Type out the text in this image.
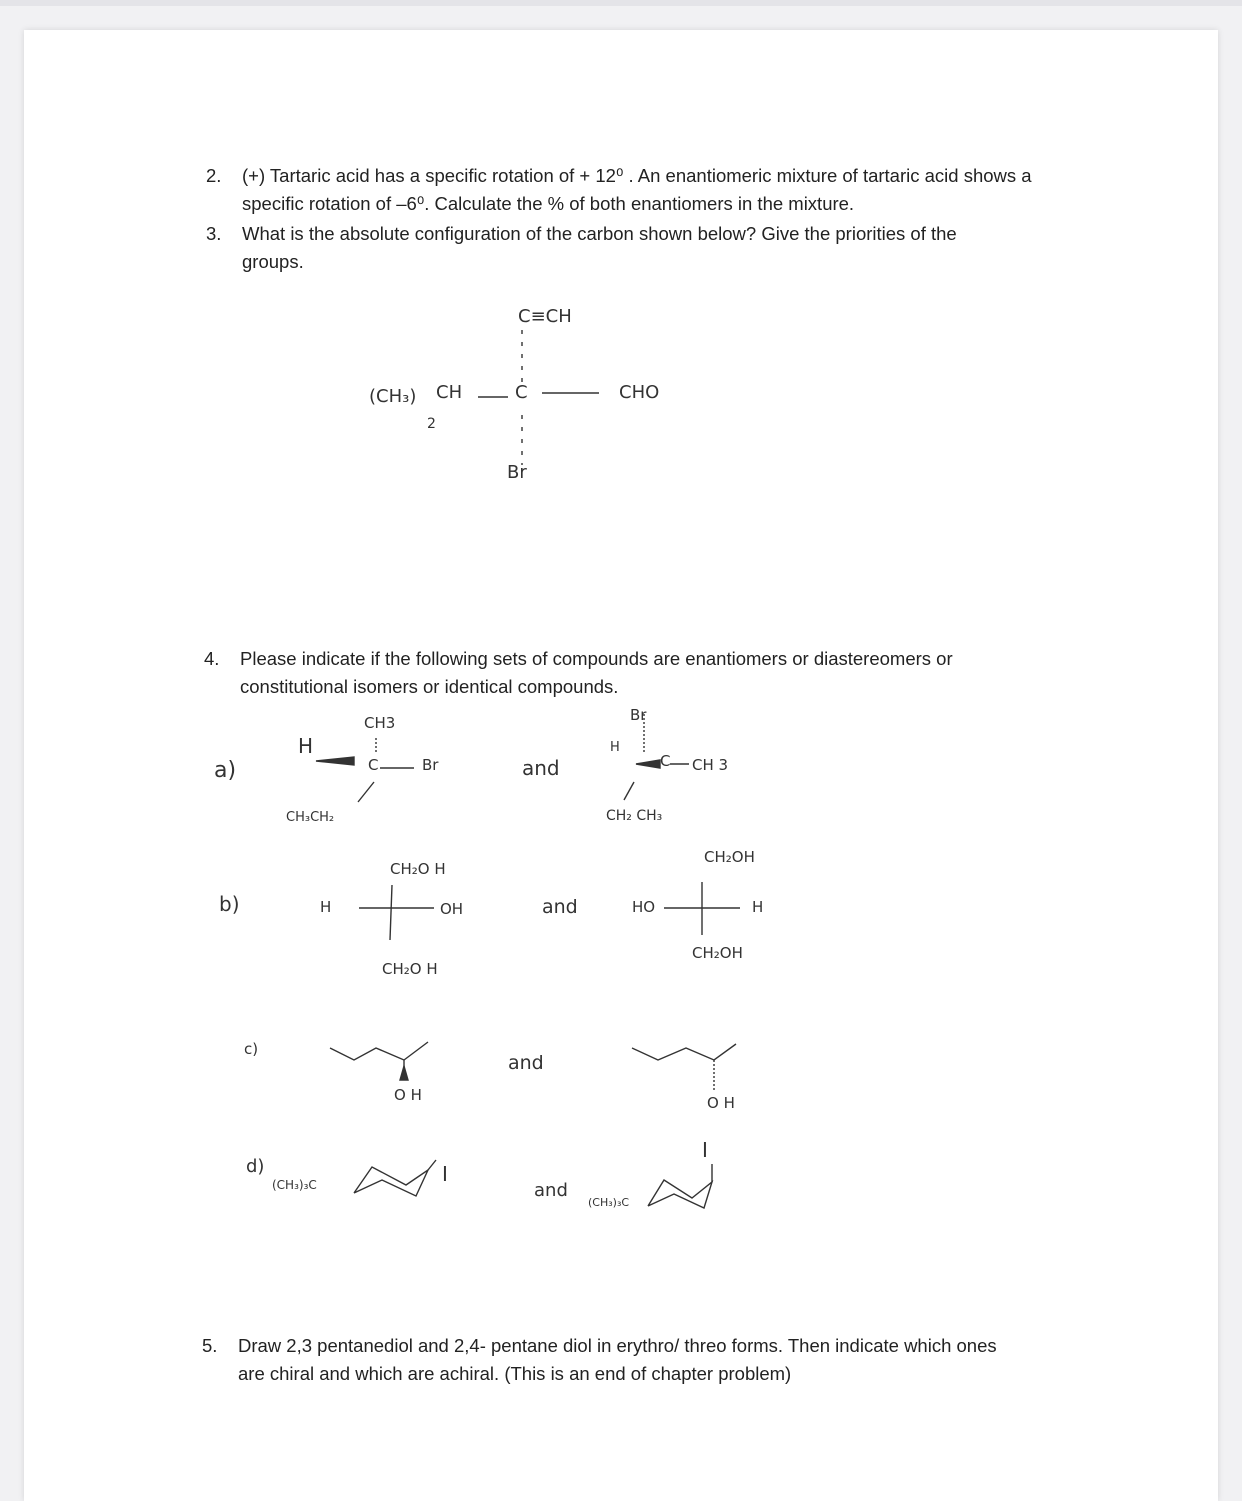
2. (+) Tartaric acid has a specific rotation of + 12⁰ . An enantiomeric mixture of tartaric acid shows a
specific rotation of –6⁰. Calculate the % of both enantiomers in the mixture.
3. What is the absolute configuration of the carbon shown below? Give the priorities of the
groups.
C≡CH
(CH₃)
2
CH	C	CHO
Br
4. Please indicate if the following sets of compounds are enantiomers or diastereomers or
constitutional isomers or identical compounds.
a)
CH3
H
C	Br
CH₃CH₂
and
Br
H
C CH 3
CH₂ CH₃
b)
CH₂O H
H	OH
CH₂O H
and
CH₂OH
HO	H
CH₂OH
c)
O H
and
O H
d)
(CH₃)₃C	I
and
(CH₃)₃C
I
5. Draw 2,3 pentanediol and 2,4- pentane diol in erythro/ threo forms. Then indicate which ones
are chiral and which are achiral. (This is an end of chapter problem)
